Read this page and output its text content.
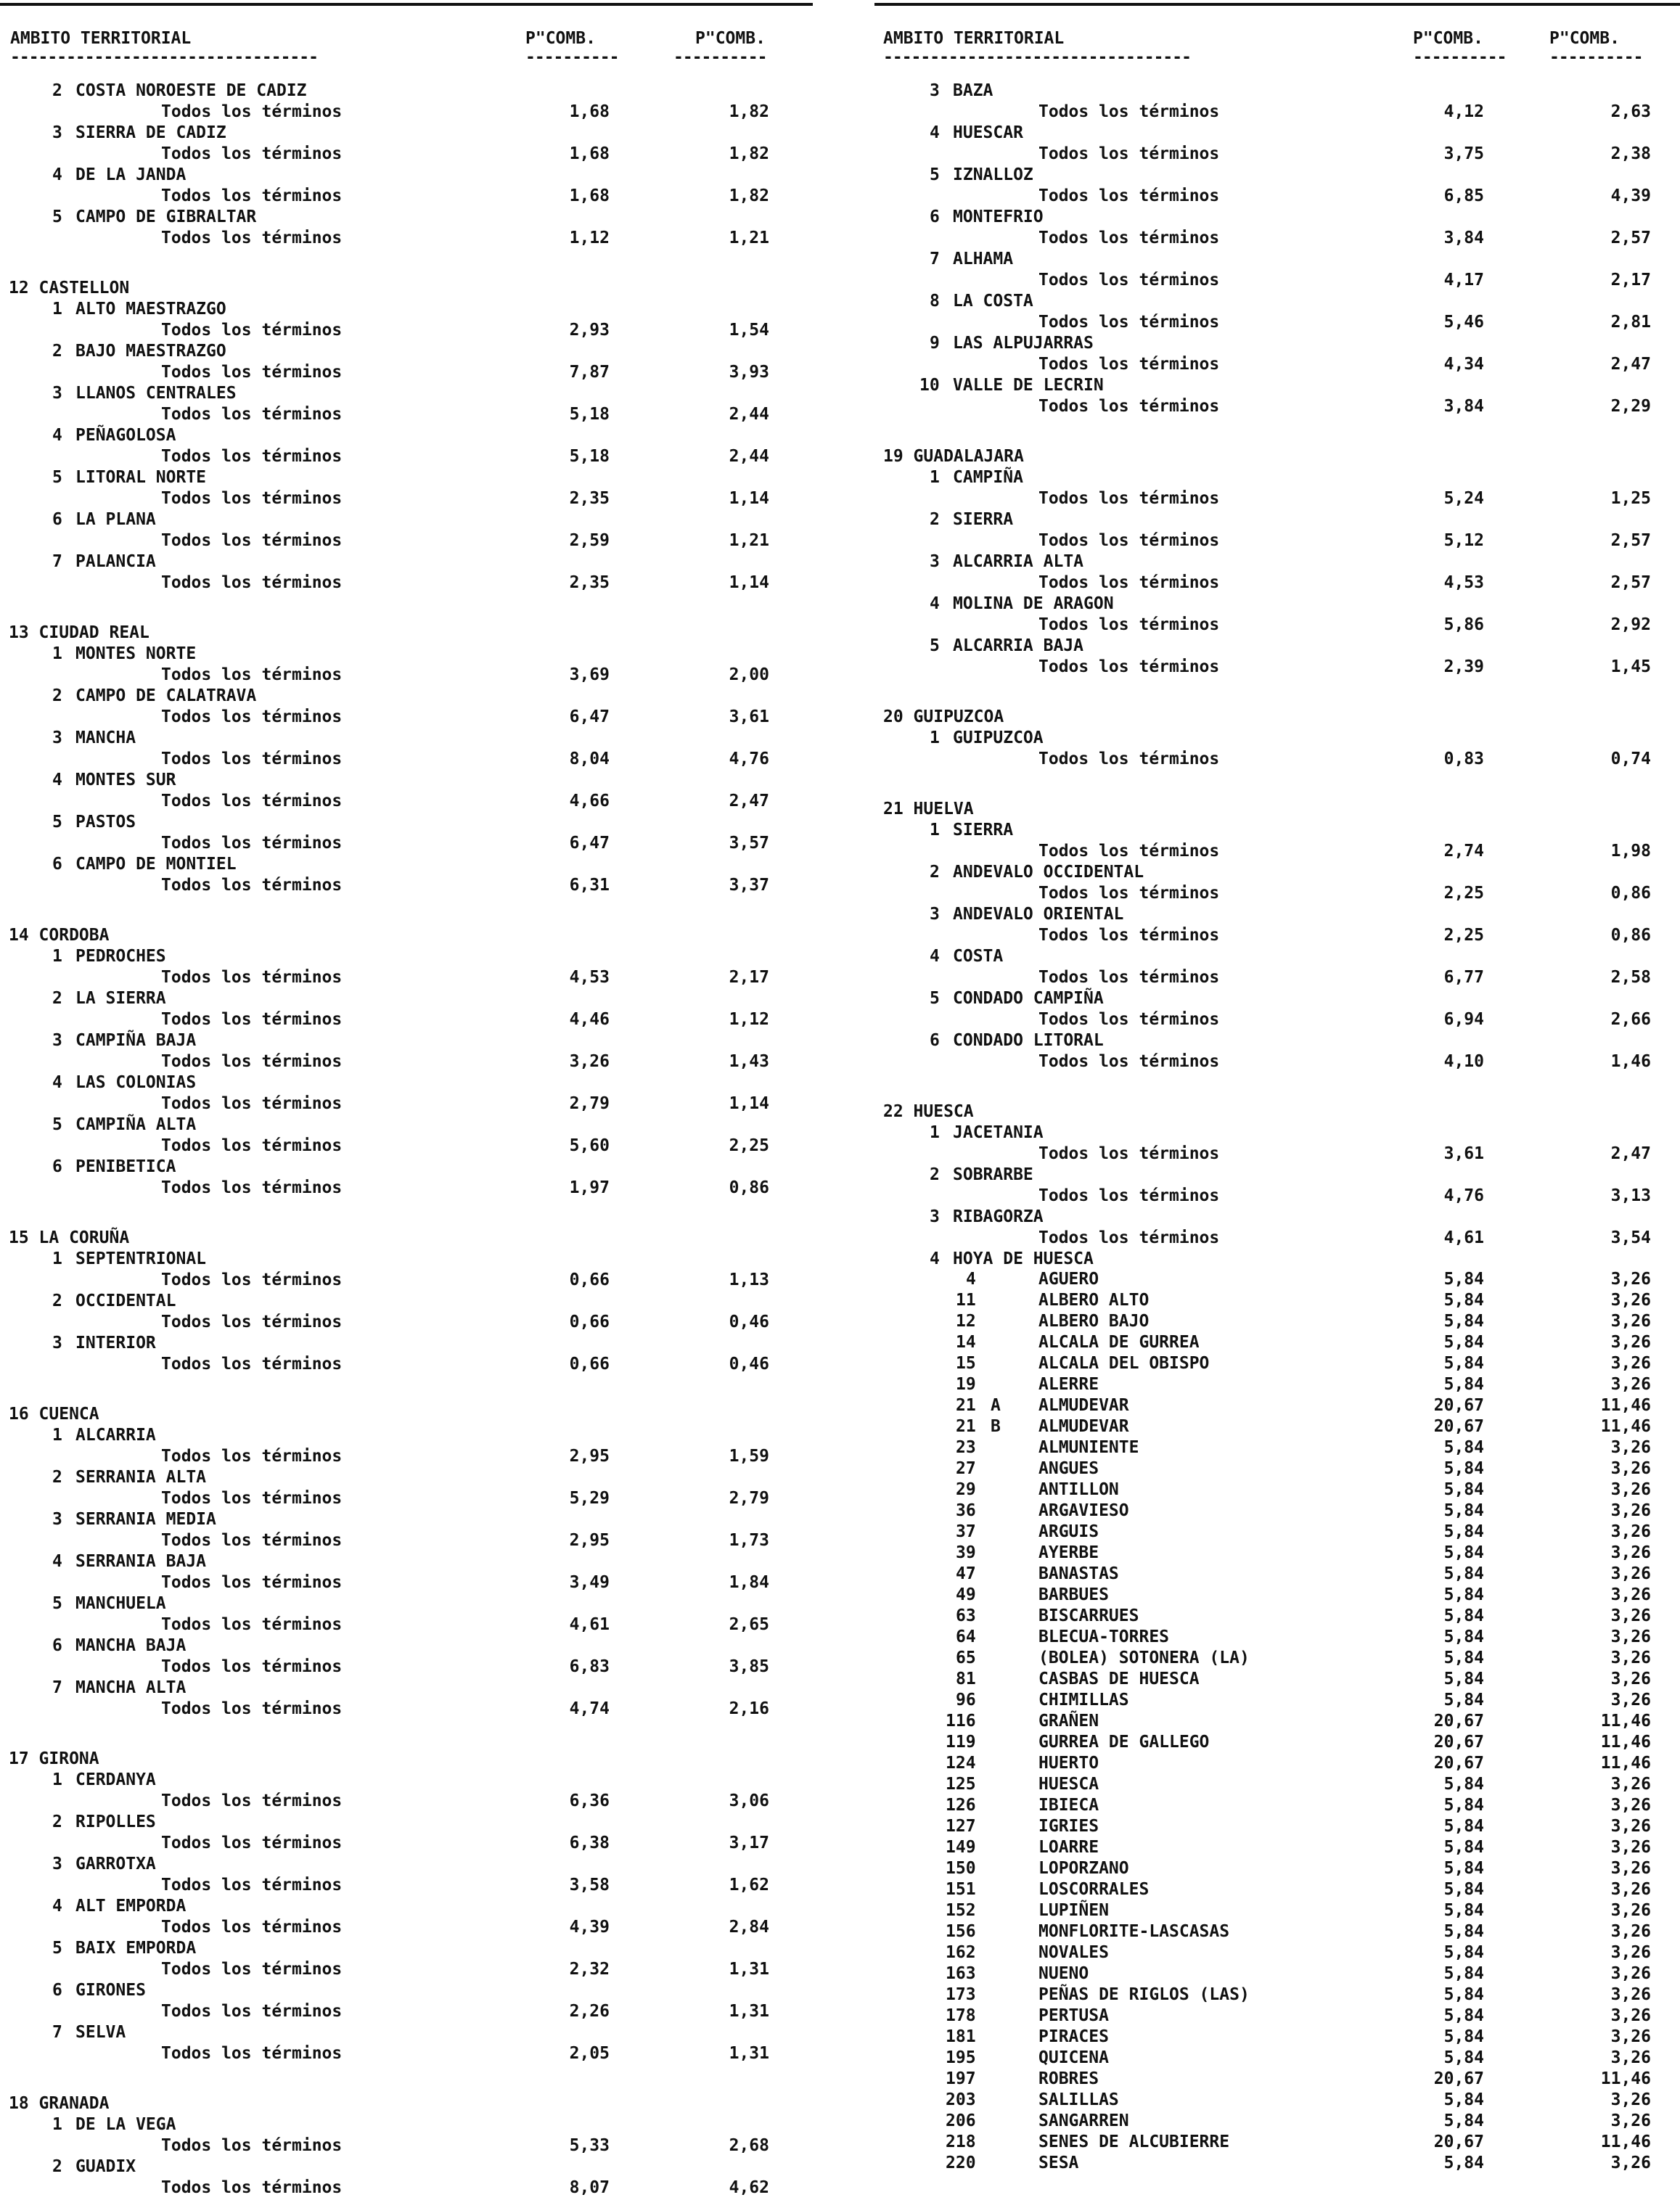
AMBITO TERRITORIAL	P"COMB.	P"COMB.
---------------------------------	----------	----------
2 COSTA NOROESTE DE CADIZ
Todos los términos	1,68	1,82
3 SIERRA DE CADIZ
Todos los términos	1,68	1,82
4 DE LA JANDA
Todos los términos	1,68	1,82
5 CAMPO DE GIBRALTAR
Todos los términos	1,12	1,21
12 CASTELLON
1 ALTO MAESTRAZGO
Todos los términos	2,93	1,54
2 BAJO MAESTRAZGO
Todos los términos	7,87	3,93
3 LLANOS CENTRALES
Todos los términos	5,18	2,44
4 PEÑAGOLOSA
Todos los términos	5,18	2,44
5 LITORAL NORTE
Todos los términos	2,35	1,14
6 LA PLANA
Todos los términos	2,59	1,21
7 PALANCIA
Todos los términos	2,35	1,14
13 CIUDAD REAL
1 MONTES NORTE
Todos los términos	3,69	2,00
2 CAMPO DE CALATRAVA
Todos los términos	6,47	3,61
3 MANCHA
Todos los términos	8,04	4,76
4 MONTES SUR
Todos los términos	4,66	2,47
5 PASTOS
Todos los términos	6,47	3,57
6 CAMPO DE MONTIEL
Todos los términos	6,31	3,37
14 CORDOBA
1 PEDROCHES
Todos los términos	4,53	2,17
2 LA SIERRA
Todos los términos	4,46	1,12
3 CAMPIÑA BAJA
Todos los términos	3,26	1,43
4 LAS COLONIAS
Todos los términos	2,79	1,14
5 CAMPIÑA ALTA
Todos los términos	5,60	2,25
6 PENIBETICA
Todos los términos	1,97	0,86
15 LA CORUÑA
1 SEPTENTRIONAL
Todos los términos	0,66	1,13
2 OCCIDENTAL
Todos los términos	0,66	0,46
3 INTERIOR
Todos los términos	0,66	0,46
16 CUENCA
1 ALCARRIA
Todos los términos	2,95	1,59
2 SERRANIA ALTA
Todos los términos	5,29	2,79
3 SERRANIA MEDIA
Todos los términos	2,95	1,73
4 SERRANIA BAJA
Todos los términos	3,49	1,84
5 MANCHUELA
Todos los términos	4,61	2,65
6 MANCHA BAJA
Todos los términos	6,83	3,85
7 MANCHA ALTA
Todos los términos	4,74	2,16
17 GIRONA
1 CERDANYA
Todos los términos	6,36	3,06
2 RIPOLLES
Todos los términos	6,38	3,17
3 GARROTXA
Todos los términos	3,58	1,62
4 ALT EMPORDA
Todos los términos	4,39	2,84
5 BAIX EMPORDA
Todos los términos	2,32	1,31
6 GIRONES
Todos los términos	2,26	1,31
7 SELVA
Todos los términos	2,05	1,31
18 GRANADA
1 DE LA VEGA
Todos los términos	5,33	2,68
2 GUADIX
Todos los términos	8,07	4,62
AMBITO TERRITORIAL	P"COMB.	P"COMB.
---------------------------------	----------	----------
3 BAZA
Todos los términos	4,12	2,63
4 HUESCAR
Todos los términos	3,75	2,38
5 IZNALLOZ
Todos los términos	6,85	4,39
6 MONTEFRIO
Todos los términos	3,84	2,57
7 ALHAMA
Todos los términos	4,17	2,17
8 LA COSTA
Todos los términos	5,46	2,81
9 LAS ALPUJARRAS
Todos los términos	4,34	2,47
10 VALLE DE LECRIN
Todos los términos	3,84	2,29
19 GUADALAJARA
1 CAMPIÑA
Todos los términos	5,24	1,25
2 SIERRA
Todos los términos	5,12	2,57
3 ALCARRIA ALTA
Todos los términos	4,53	2,57
4 MOLINA DE ARAGON
Todos los términos	5,86	2,92
5 ALCARRIA BAJA
Todos los términos	2,39	1,45
20 GUIPUZCOA
1 GUIPUZCOA
Todos los términos	0,83	0,74
21 HUELVA
1 SIERRA
Todos los términos	2,74	1,98
2 ANDEVALO OCCIDENTAL
Todos los términos	2,25	0,86
3 ANDEVALO ORIENTAL
Todos los términos	2,25	0,86
4 COSTA
Todos los términos	6,77	2,58
5 CONDADO CAMPIÑA
Todos los términos	6,94	2,66
6 CONDADO LITORAL
Todos los términos	4,10	1,46
22 HUESCA
1 JACETANIA
Todos los términos	3,61	2,47
2 SOBRARBE
Todos los términos	4,76	3,13
3 RIBAGORZA
Todos los términos	4,61	3,54
4 HOYA DE HUESCA
4	AGUERO	5,84	3,26
11	ALBERO ALTO	5,84	3,26
12	ALBERO BAJO	5,84	3,26
14	ALCALA DE GURREA	5,84	3,26
15	ALCALA DEL OBISPO	5,84	3,26
19	ALERRE	5,84	3,26
21 A ALMUDEVAR	20,67	11,46
21 B ALMUDEVAR	20,67	11,46
23	ALMUNIENTE	5,84	3,26
27	ANGUES	5,84	3,26
29	ANTILLON	5,84	3,26
36	ARGAVIESO	5,84	3,26
37	ARGUIS	5,84	3,26
39	AYERBE	5,84	3,26
47	BANASTAS	5,84	3,26
49	BARBUES	5,84	3,26
63	BISCARRUES	5,84	3,26
64	BLECUA-TORRES	5,84	3,26
65	(BOLEA) SOTONERA (LA)	5,84	3,26
81	CASBAS DE HUESCA	5,84	3,26
96	CHIMILLAS	5,84	3,26
116	GRAÑEN	20,67	11,46
119	GURREA DE GALLEGO	20,67	11,46
124	HUERTO	20,67	11,46
125	HUESCA	5,84	3,26
126	IBIECA	5,84	3,26
127	IGRIES	5,84	3,26
149	LOARRE	5,84	3,26
150	LOPORZANO	5,84	3,26
151	LOSCORRALES	5,84	3,26
152	LUPIÑEN	5,84	3,26
156	MONFLORITE-LASCASAS	5,84	3,26
162	NOVALES	5,84	3,26
163	NUENO	5,84	3,26
173	PEÑAS DE RIGLOS (LAS)	5,84	3,26
178	PERTUSA	5,84	3,26
181	PIRACES	5,84	3,26
195	QUICENA	5,84	3,26
197	ROBRES	20,67	11,46
203	SALILLAS	5,84	3,26
206	SANGARREN	5,84	3,26
218	SENES DE ALCUBIERRE	20,67	11,46
220	SESA	5,84	3,26
